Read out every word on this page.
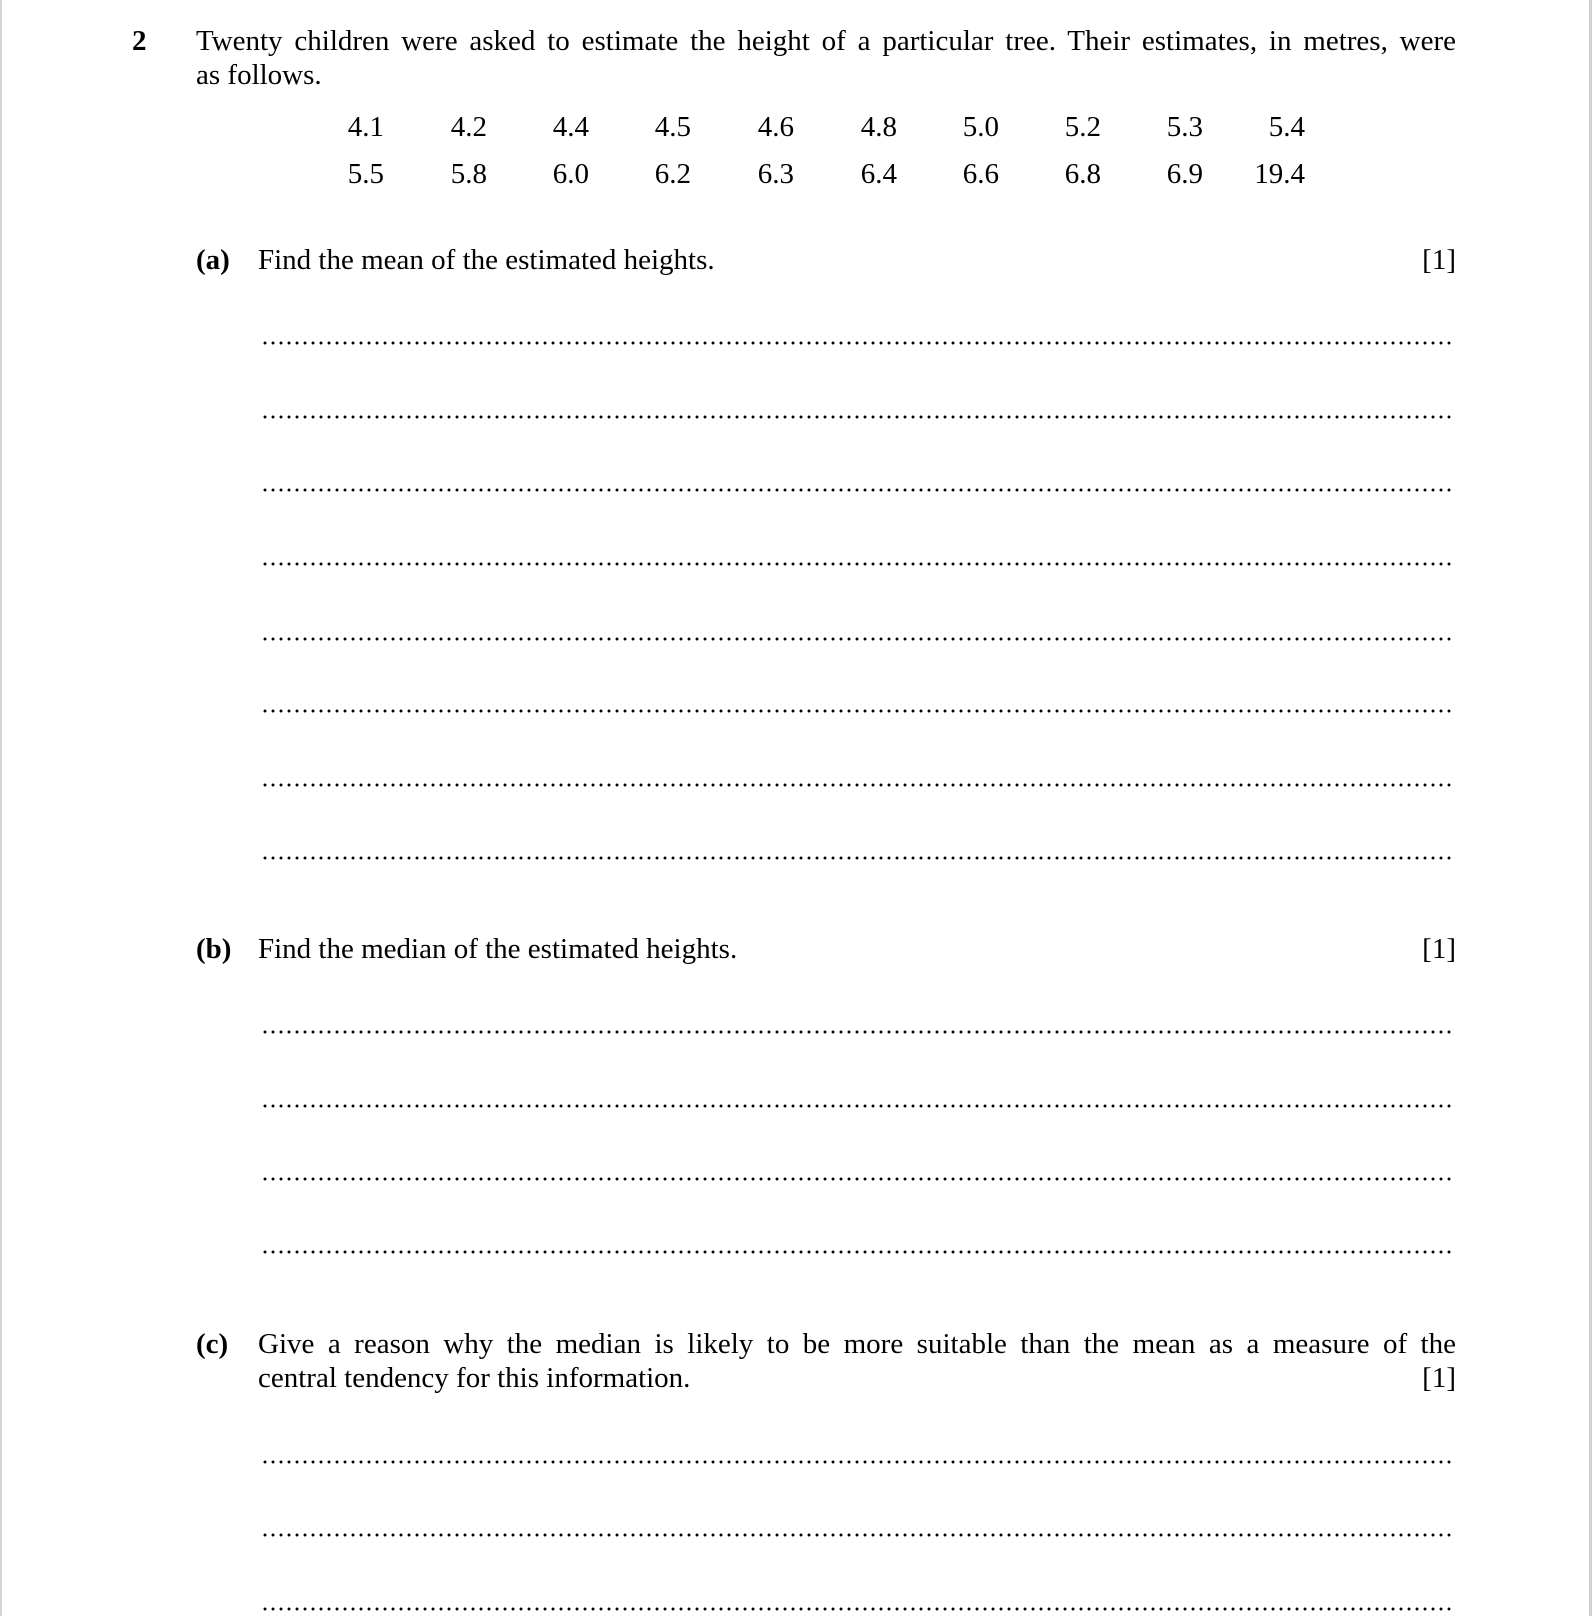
2 Twenty children were asked to estimate the height of a particular tree. Their estimates, in metres, were
as follows.
4.1	4.2	4.4	4.5	4.6	4.8	5.0	5.2	5.3	5.4
5.5	5.8	6.0	6.2	6.3	6.4	6.6	6.8	6.9	19.4
(a) Find the mean of the estimated heights.	[1]
(b) Find the median of the estimated heights.	[1]
(c) Give a reason why the median is likely to be more suitable than the mean as a measure of the
central tendency for this information.	[1]
